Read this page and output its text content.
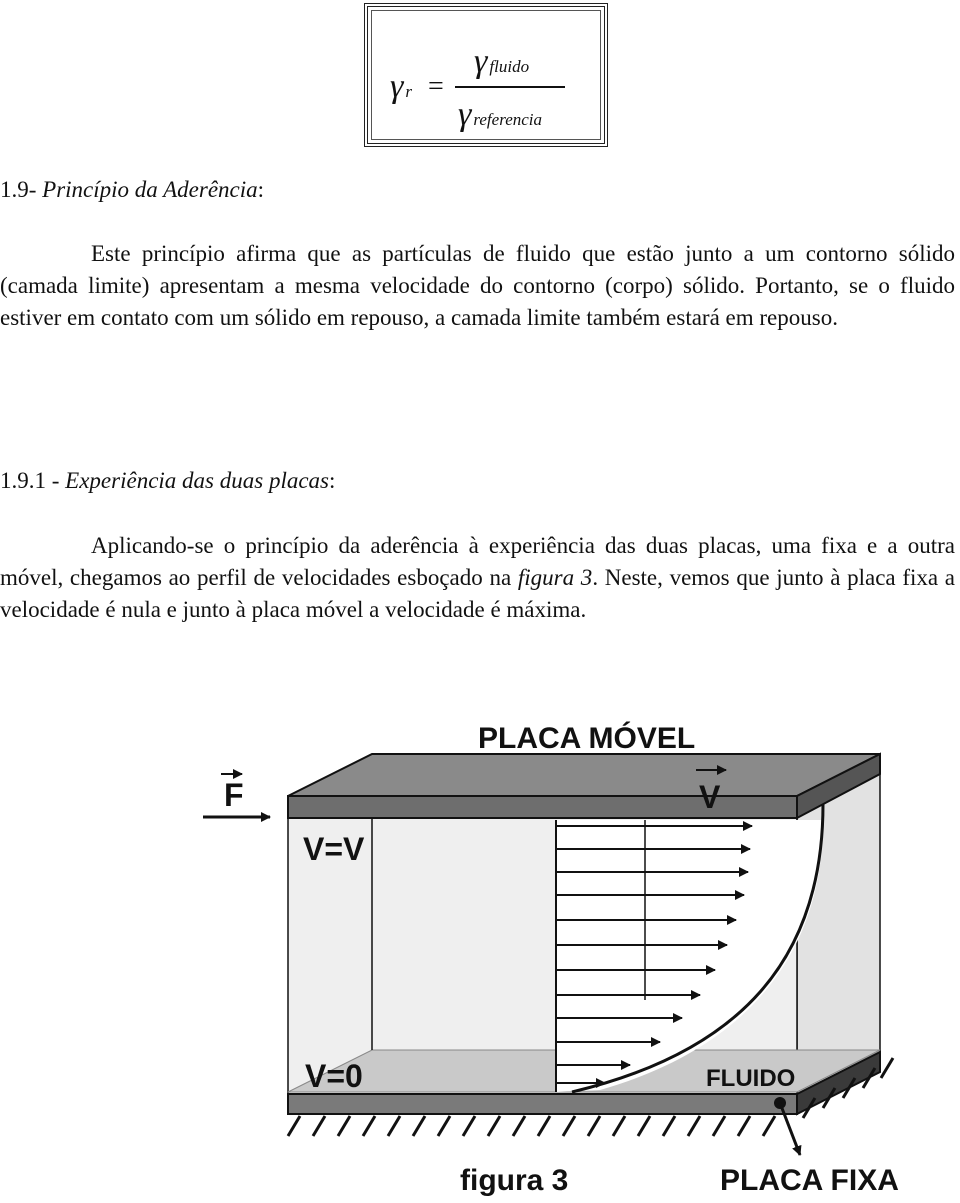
γr =
γfluido
γreferencia
1.9- Princípio da Aderência:

Este princípio afirma que as partículas de fluido que estão junto a um contorno sólido (camada limite) apresentam a mesma velocidade do contorno (corpo) sólido. Portanto, se o fluido estiver em contato com um sólido em repouso, a camada limite também estará em repouso.

1.9.1 - Experiência das duas placas:

Aplicando-se o princípio da aderência à experiência das duas placas, uma fixa e a outra móvel, chegamos ao perfil de velocidades esboçado na figura 3. Neste, vemos que junto à placa fixa a velocidade é nula e junto à placa móvel a velocidade é máxima.

PLACA MÓVEL
F	V
V=V
V=0	FLUIDO
figura 3	PLACA FIXA
